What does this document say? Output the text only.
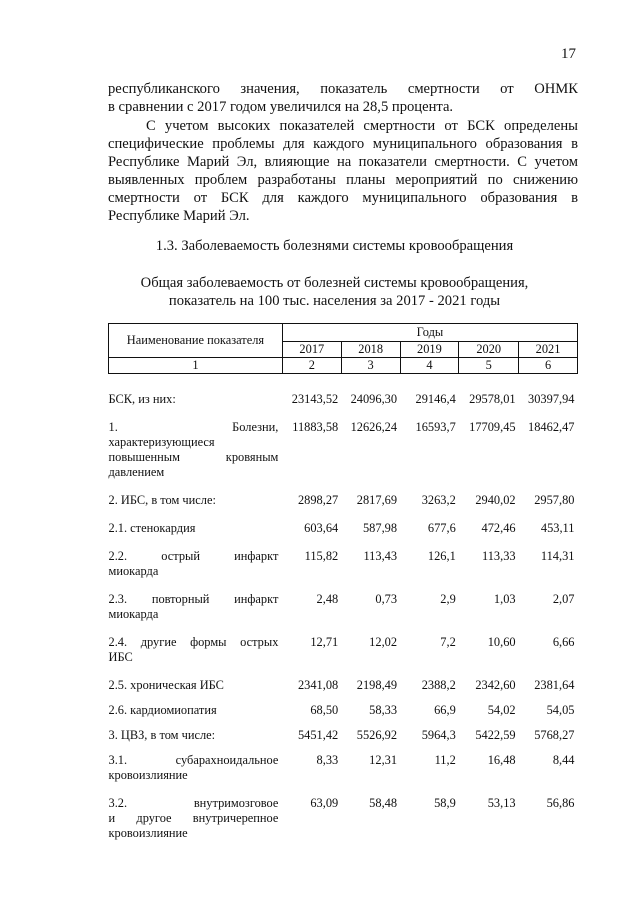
17
республиканского значения, показатель смертности от ОНМК
в сравнении с 2017 годом увеличился на 28,5 процента.
С учетом высоких показателей смертности от БСК определены специфические проблемы для каждого муниципального образования в Республике Марий Эл, влияющие на показатели смертности. С учетом выявленных проблем разработаны планы мероприятий по снижению смертности от БСК для каждого муниципального образования в Республике Марий Эл.
1.3. Заболеваемость болезнями системы кровообращения
Общая заболеваемость от болезней системы кровообращения,
показатель на 100 тыс. населения за 2017 - 2021 годы
Наименование показателя	Годы				
	2017	2018	2019	2020	2021
1	2	3	4	5	6

БСК, из них:	23143,52	24096,30	29146,4	29578,01	30397,94

1. Болезни,
характеризующиеся
повышенным кровяным
давлением	11883,58	12626,24	16593,7	17709,45	18462,47

2. ИБС, в том числе:	2898,27	2817,69	3263,2	2940,02	2957,80

2.1. стенокардия	603,64	587,98	677,6	472,46	453,11

2.2. острый инфаркт
миокарда	115,82	113,43	126,1	113,33	114,31

2.3. повторный инфаркт
миокарда	2,48	0,73	2,9	1,03	2,07

2.4. другие формы острых
ИБС	12,71	12,02	7,2	10,60	6,66

2.5. хроническая ИБС	2341,08	2198,49	2388,2	2342,60	2381,64

2.6. кардиомиопатия	68,50	58,33	66,9	54,02	54,05

3. ЦВЗ, в том числе:	5451,42	5526,92	5964,3	5422,59	5768,27

3.1. субарахноидальное
кровоизлияние	8,33	12,31	11,2	16,48	8,44

3.2. внутримозговое
и другое внутричерепное
кровоизлияние	63,09	58,48	58,9	53,13	56,86
